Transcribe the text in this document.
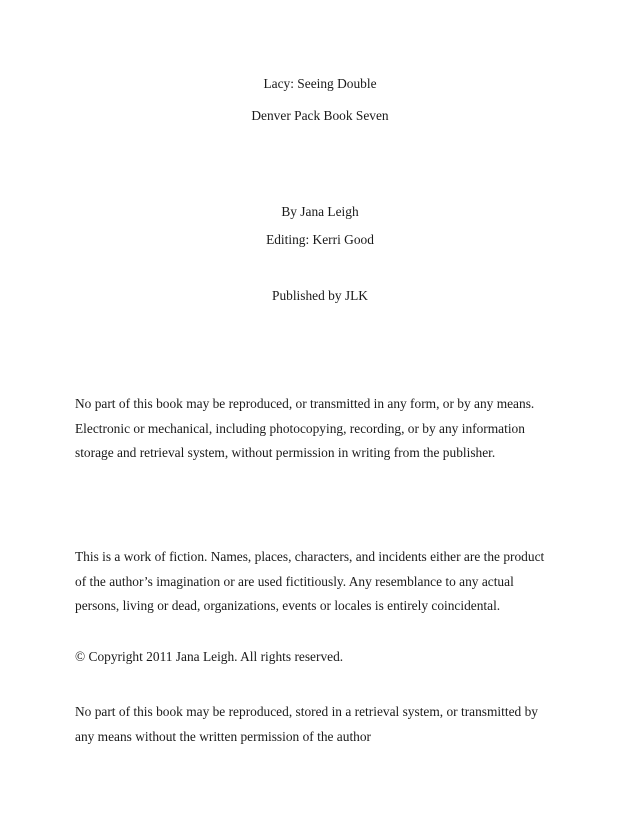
Lacy: Seeing Double
Denver Pack Book Seven
By Jana Leigh
Editing: Kerri Good
Published by JLK
No part of this book may be reproduced, or transmitted in any form, or by any means.
Electronic or mechanical, including photocopying, recording, or by any information
storage and retrieval system, without permission in writing from the publisher.
This is a work of fiction. Names, places, characters, and incidents either are the product
of the author’s imagination or are used fictitiously. Any resemblance to any actual
persons, living or dead, organizations, events or locales is entirely coincidental.
© Copyright 2011 Jana Leigh. All rights reserved.
No part of this book may be reproduced, stored in a retrieval system, or transmitted by
any means without the written permission of the author
